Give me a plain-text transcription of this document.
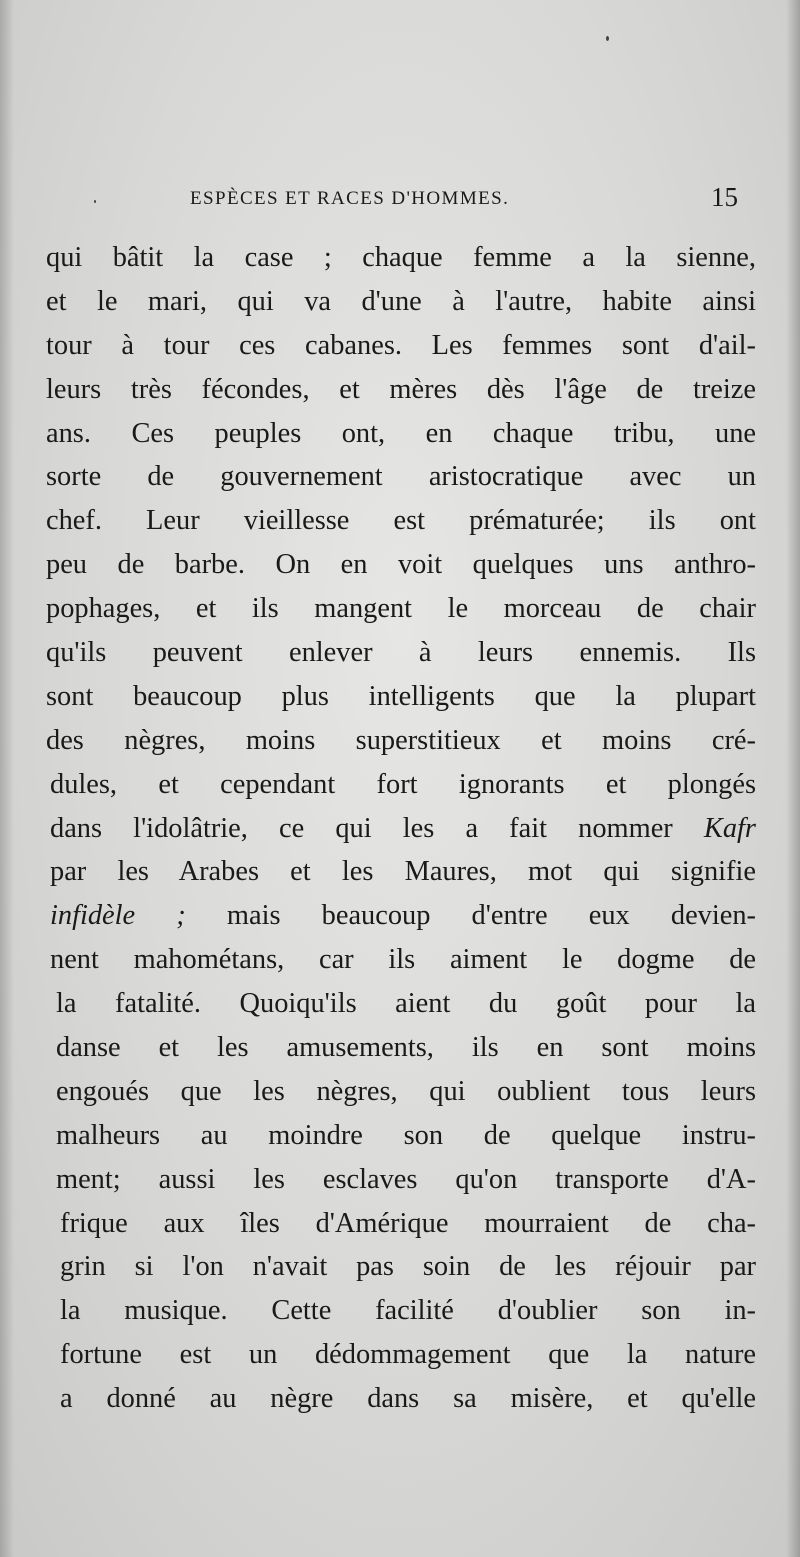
ESPÈCES ET RACES D'HOMMES.	15
qui bâtit la case ; chaque femme a la sienne,
et le mari, qui va d'une à l'autre, habite ainsi
tour à tour ces cabanes. Les femmes sont d'ail-
leurs très fécondes, et mères dès l'âge de treize
ans. Ces peuples ont, en chaque tribu, une
sorte de gouvernement aristocratique avec un
chef. Leur vieillesse est prématurée; ils ont
peu de barbe. On en voit quelques uns anthro-
pophages, et ils mangent le morceau de chair
qu'ils peuvent enlever à leurs ennemis. Ils
sont beaucoup plus intelligents que la plupart
des nègres, moins superstitieux et moins cré-
dules, et cependant fort ignorants et plongés
dans l'idolâtrie, ce qui les a fait nommer Kafr
par les Arabes et les Maures, mot qui signifie
infidèle ; mais beaucoup d'entre eux devien-
nent mahométans, car ils aiment le dogme de
la fatalité. Quoiqu'ils aient du goût pour la
danse et les amusements, ils en sont moins
engoués que les nègres, qui oublient tous leurs
malheurs au moindre son de quelque instru-
ment; aussi les esclaves qu'on transporte d'A-
frique aux îles d'Amérique mourraient de cha-
grin si l'on n'avait pas soin de les réjouir par
la musique. Cette facilité d'oublier son in-
fortune est un dédommagement que la nature
a donné au nègre dans sa misère, et qu'elle
